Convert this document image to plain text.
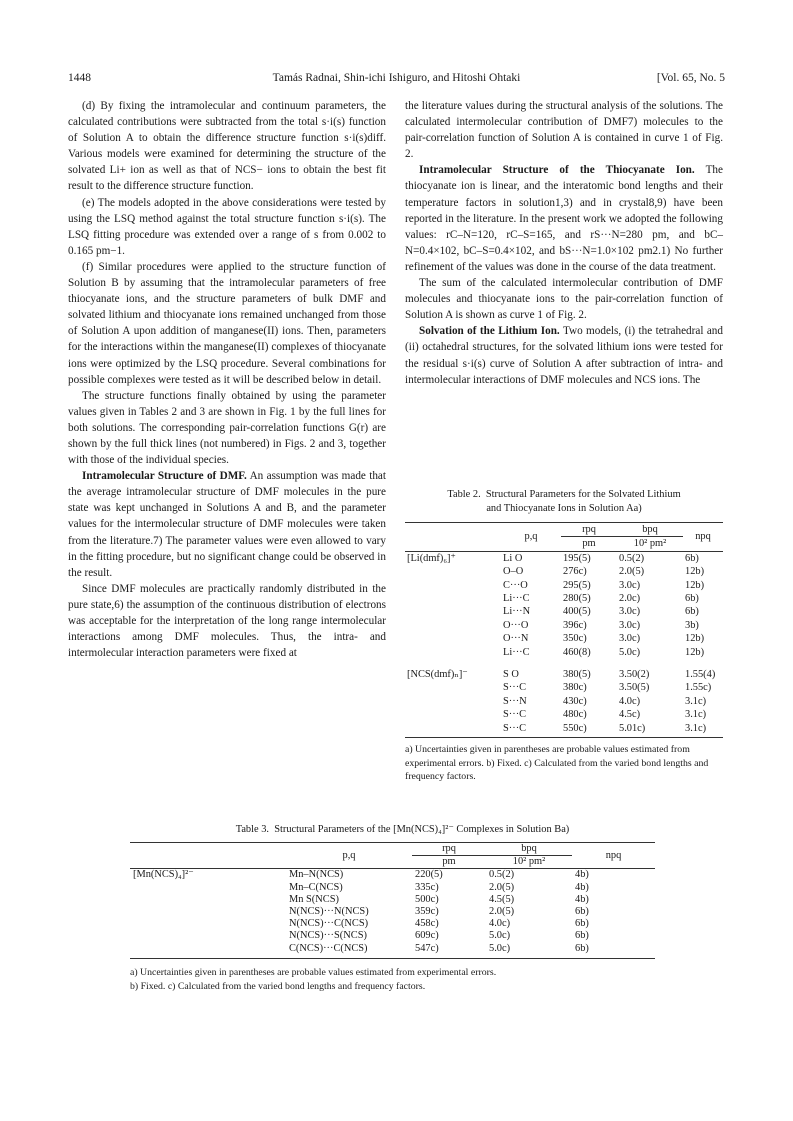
1448	Tamás Radnai, Shin-ichi Ishiguro, and Hitoshi Ohtaki	[Vol. 65, No. 5

(d) By fixing the intramolecular and continuum parameters, the calculated contributions were subtracted from the total s·i(s) function of Solution A to obtain the difference structure function s·i(s)diff. Various models were examined for determining the structure of the solvated Li+ ion as well as that of NCS− ions to obtain the best fit result to the difference structure function.

(e) The models adopted in the above considerations were tested by using the LSQ method against the total structure function s·i(s). The LSQ fitting procedure was extended over a range of s from 0.002 to 0.165 pm−1.

(f) Similar procedures were applied to the structure function of Solution B by assuming that the intramolecular parameters of free thiocyanate ions, and the structure parameters of bulk DMF and solvated lithium and thiocyanate ions remained unchanged from those of Solution A upon addition of manganese(II) ions. Then, parameters for the interactions within the manganese(II) complexes of thiocyanate ions were optimized by the LSQ procedure. Several combinations for possible complexes were tested as it will be described below in detail.

The structure functions finally obtained by using the parameter values given in Tables 2 and 3 are shown in Fig. 1 by the full lines for both solutions. The corresponding pair-correlation functions G(r) are shown by the full thick lines (not numbered) in Figs. 2 and 3, together with those of the individual species.

Intramolecular Structure of DMF. An assumption was made that the average intramolecular structure of DMF molecules in the pure state was kept unchanged in Solutions A and B, and the parameter values for the intermolecular structure of DMF molecules were taken from the literature.7) The parameter values were even allowed to vary in the fitting procedure, but no significant change could be observed in the result.

Since DMF molecules are practically randomly distributed in the pure state,6) the assumption of the continuous distribution of electrons was acceptable for the interpretation of the long range intermolecular interactions among DMF molecules. Thus, the intra- and intermolecular interaction parameters were fixed at

the literature values during the structural analysis of the solutions. The calculated intermolecular contribution of DMF7) molecules to the pair-correlation function of Solution A is contained in curve 1 of Fig. 2.

Intramolecular Structure of the Thiocyanate Ion. The thiocyanate ion is linear, and the interatomic bond lengths and their temperature factors in solution1,3) and in crystal8,9) have been reported in the literature. In the present work we adopted the following values: rC–N=120, rC–S=165, and rS···N=280 pm, and bC–N=0.4×102, bC–S=0.4×102, and bS···N=1.0×102 pm2.1) No further refinement of the values was done in the course of the data treatment.

The sum of the calculated intermolecular contribution of DMF molecules and thiocyanate ions to the pair-correlation function of Solution A is shown as curve 1 of Fig. 2.

Solvation of the Lithium Ion. Two models, (i) the tetrahedral and (ii) octahedral structures, for the solvated lithium ions were tested for the residual s·i(s) curve of Solution A after subtraction of intra- and intermolecular interactions of DMF molecules and NCS ions. The

Table 2. Structural Parameters for the Solvated Lithium
and Thiocyanate Ions in Solution Aa)
	p,q	rpq	bpq	npq
		pm	10² pm²	
[Li(dmf)₆]⁺	Li O	195(5)	0.5(2)	6b)
	O–O	276c)	2.0(5)	12b)
	C···O	295(5)	3.0c)	12b)
	Li···C	280(5)	2.0c)	6b)
	Li···N	400(5)	3.0c)	6b)
	O···O	396c)	3.0c)	3b)
	O···N	350c)	3.0c)	12b)
	Li···C	460(8)	5.0c)	12b)
[NCS(dmf)ₙ]⁻	S O	380(5)	3.50(2)	1.55(4)
	S···C	380c)	3.50(5)	1.55c)
	S···N	430c)	4.0c)	3.1c)
	S···C	480c)	4.5c)	3.1c)
	S···C	550c)	5.01c)	3.1c)
a) Uncertainties given in parentheses are probable values estimated from experimental errors. b) Fixed. c) Calculated from the varied bond lengths and frequency factors.
Table 3. Structural Parameters of the [Mn(NCS)₄]²⁻ Complexes in Solution Ba)
	p,q	rpq	bpq	npq
		pm	10² pm²	
[Mn(NCS)₄]²⁻	Mn–N(NCS)	220(5)	0.5(2)	4b)
	Mn–C(NCS)	335c)	2.0(5)	4b)
	Mn S(NCS)	500c)	4.5(5)	4b)
	N(NCS)···N(NCS)	359c)	2.0(5)	6b)
	N(NCS)···C(NCS)	458c)	4.0c)	6b)
	N(NCS)···S(NCS)	609c)	5.0c)	6b)
	C(NCS)···C(NCS)	547c)	5.0c)	6b)
a) Uncertainties given in parentheses are probable values estimated from experimental errors.
b) Fixed. c) Calculated from the varied bond lengths and frequency factors.
